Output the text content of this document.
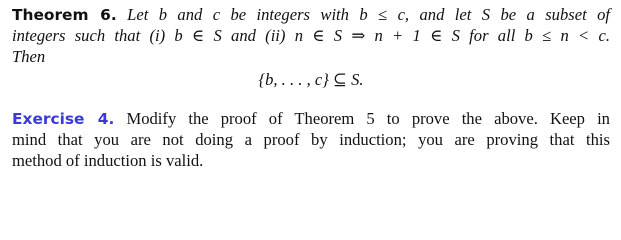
Theorem 6. Let b and c be integers with b ≤ c, and let S be a subset of
integers such that (i) b ∈ S and (ii) n ∈ S ⇒ n + 1 ∈ S for all b ≤ n < c.
Then
{b, . . . , c} ⊆ S.
Exercise 4. Modify the proof of Theorem 5 to prove the above. Keep in
mind that you are not doing a proof by induction; you are proving that this
method of induction is valid.
